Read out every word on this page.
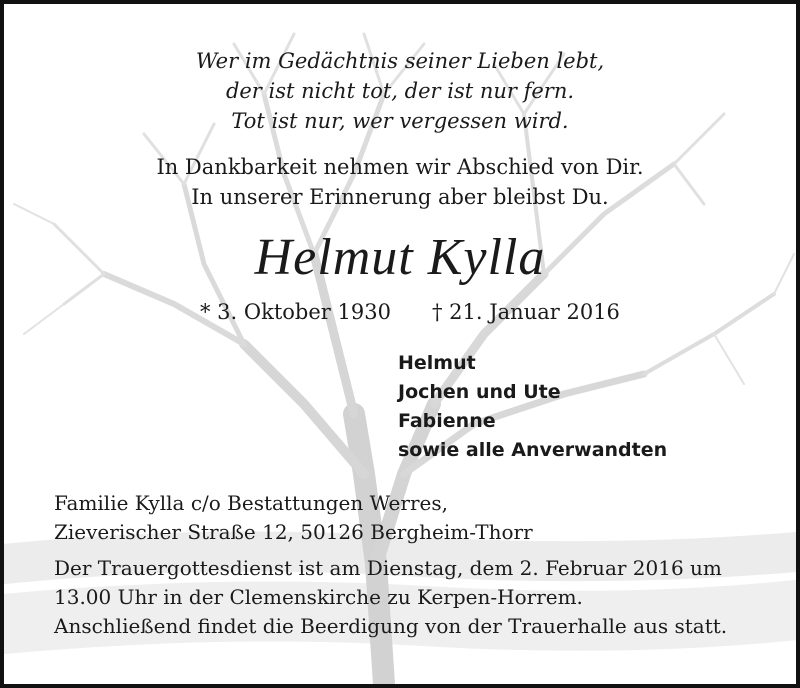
Wer im Gedächtnis seiner Lieben lebt,
der ist nicht tot, der ist nur fern.
Tot ist nur, wer vergessen wird.
In Dankbarkeit nehmen wir Abschied von Dir.
In unserer Erinnerung aber bleibst Du.
Helmut Kylla
* 3. Oktober 1930 † 21. Januar 2016
Helmut
Jochen und Ute
Fabienne
sowie alle Anverwandten
Familie Kylla c/o Bestattungen Werres,
Zieverischer Straße 12, 50126 Bergheim-Thorr
Der Trauergottesdienst ist am Dienstag, dem 2. Februar 2016 um
13.00 Uhr in der Clemenskirche zu Kerpen-Horrem.
Anschließend findet die Beerdigung von der Trauerhalle aus statt.
